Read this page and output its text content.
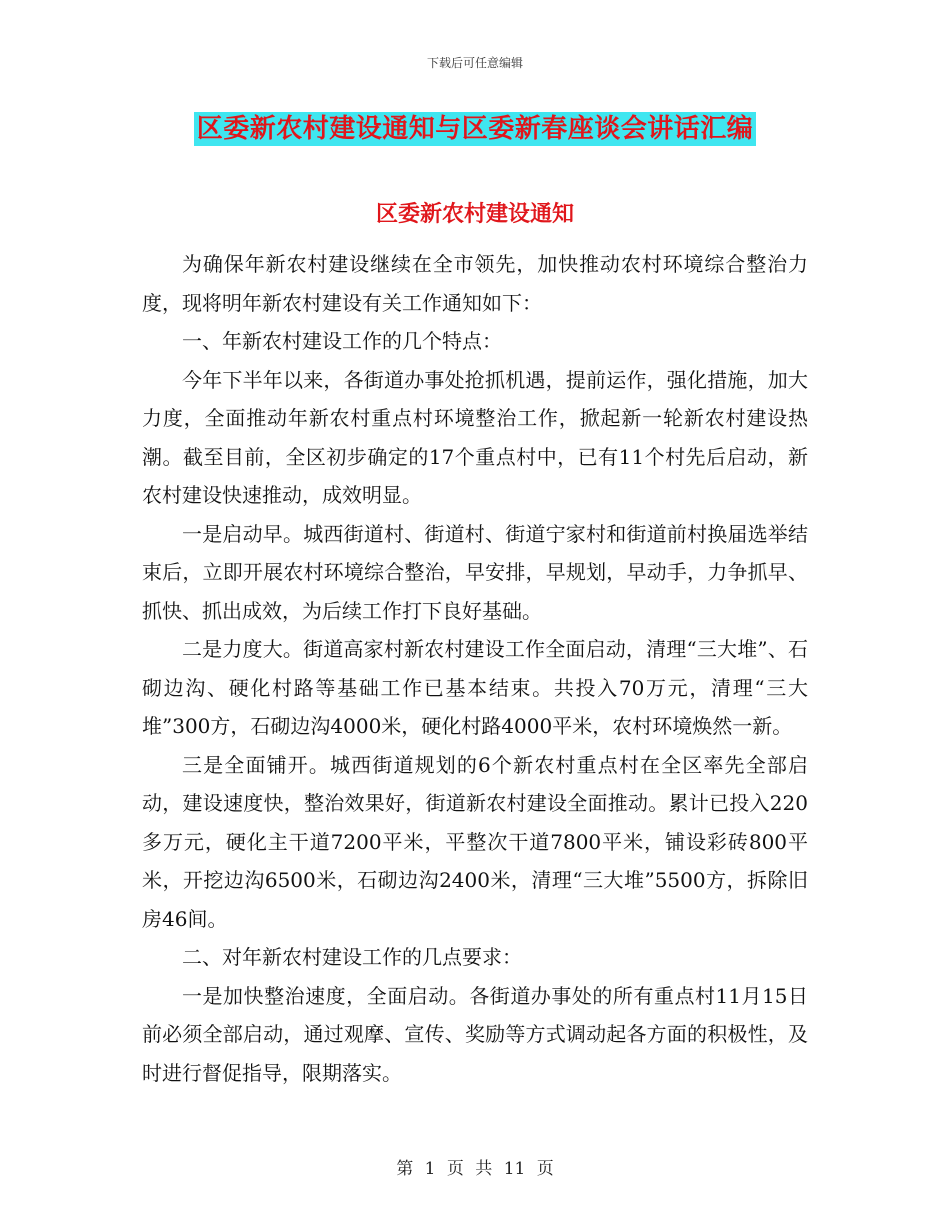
下载后可任意编辑
区委新农村建设通知与区委新春座谈会讲话汇编
区委新农村建设通知

为确保年新农村建设继续在全市领先，加快推动农村环境综合整治力度，现将明年新农村建设有关工作通知如下：

一、年新农村建设工作的几个特点：

今年下半年以来，各街道办事处抢抓机遇，提前运作，强化措施，加大力度，全面推动年新农村重点村环境整治工作，掀起新一轮新农村建设热潮。截至目前，全区初步确定的17个重点村中，已有11个村先后启动，新农村建设快速推动，成效明显。

一是启动早。城西街道村、街道村、街道宁家村和街道前村换届选举结束后，立即开展农村环境综合整治，早安排，早规划，早动手，力争抓早、抓快、抓出成效，为后续工作打下良好基础。

二是力度大。街道高家村新农村建设工作全面启动，清理“三大堆”、石砌边沟、硬化村路等基础工作已基本结束。共投入70万元，清理“三大堆”300方，石砌边沟4000米，硬化村路4000平米，农村环境焕然一新。

三是全面铺开。城西街道规划的6个新农村重点村在全区率先全部启动，建设速度快，整治效果好，街道新农村建设全面推动。累计已投入220多万元，硬化主干道7200平米，平整次干道7800平米，铺设彩砖800平米，开挖边沟6500米，石砌边沟2400米，清理“三大堆”5500方，拆除旧房46间。

二、对年新农村建设工作的几点要求：

一是加快整治速度，全面启动。各街道办事处的所有重点村11月15日前必须全部启动，通过观摩、宣传、奖励等方式调动起各方面的积极性，及时进行督促指导，限期落实。

第 1 页 共 11 页
